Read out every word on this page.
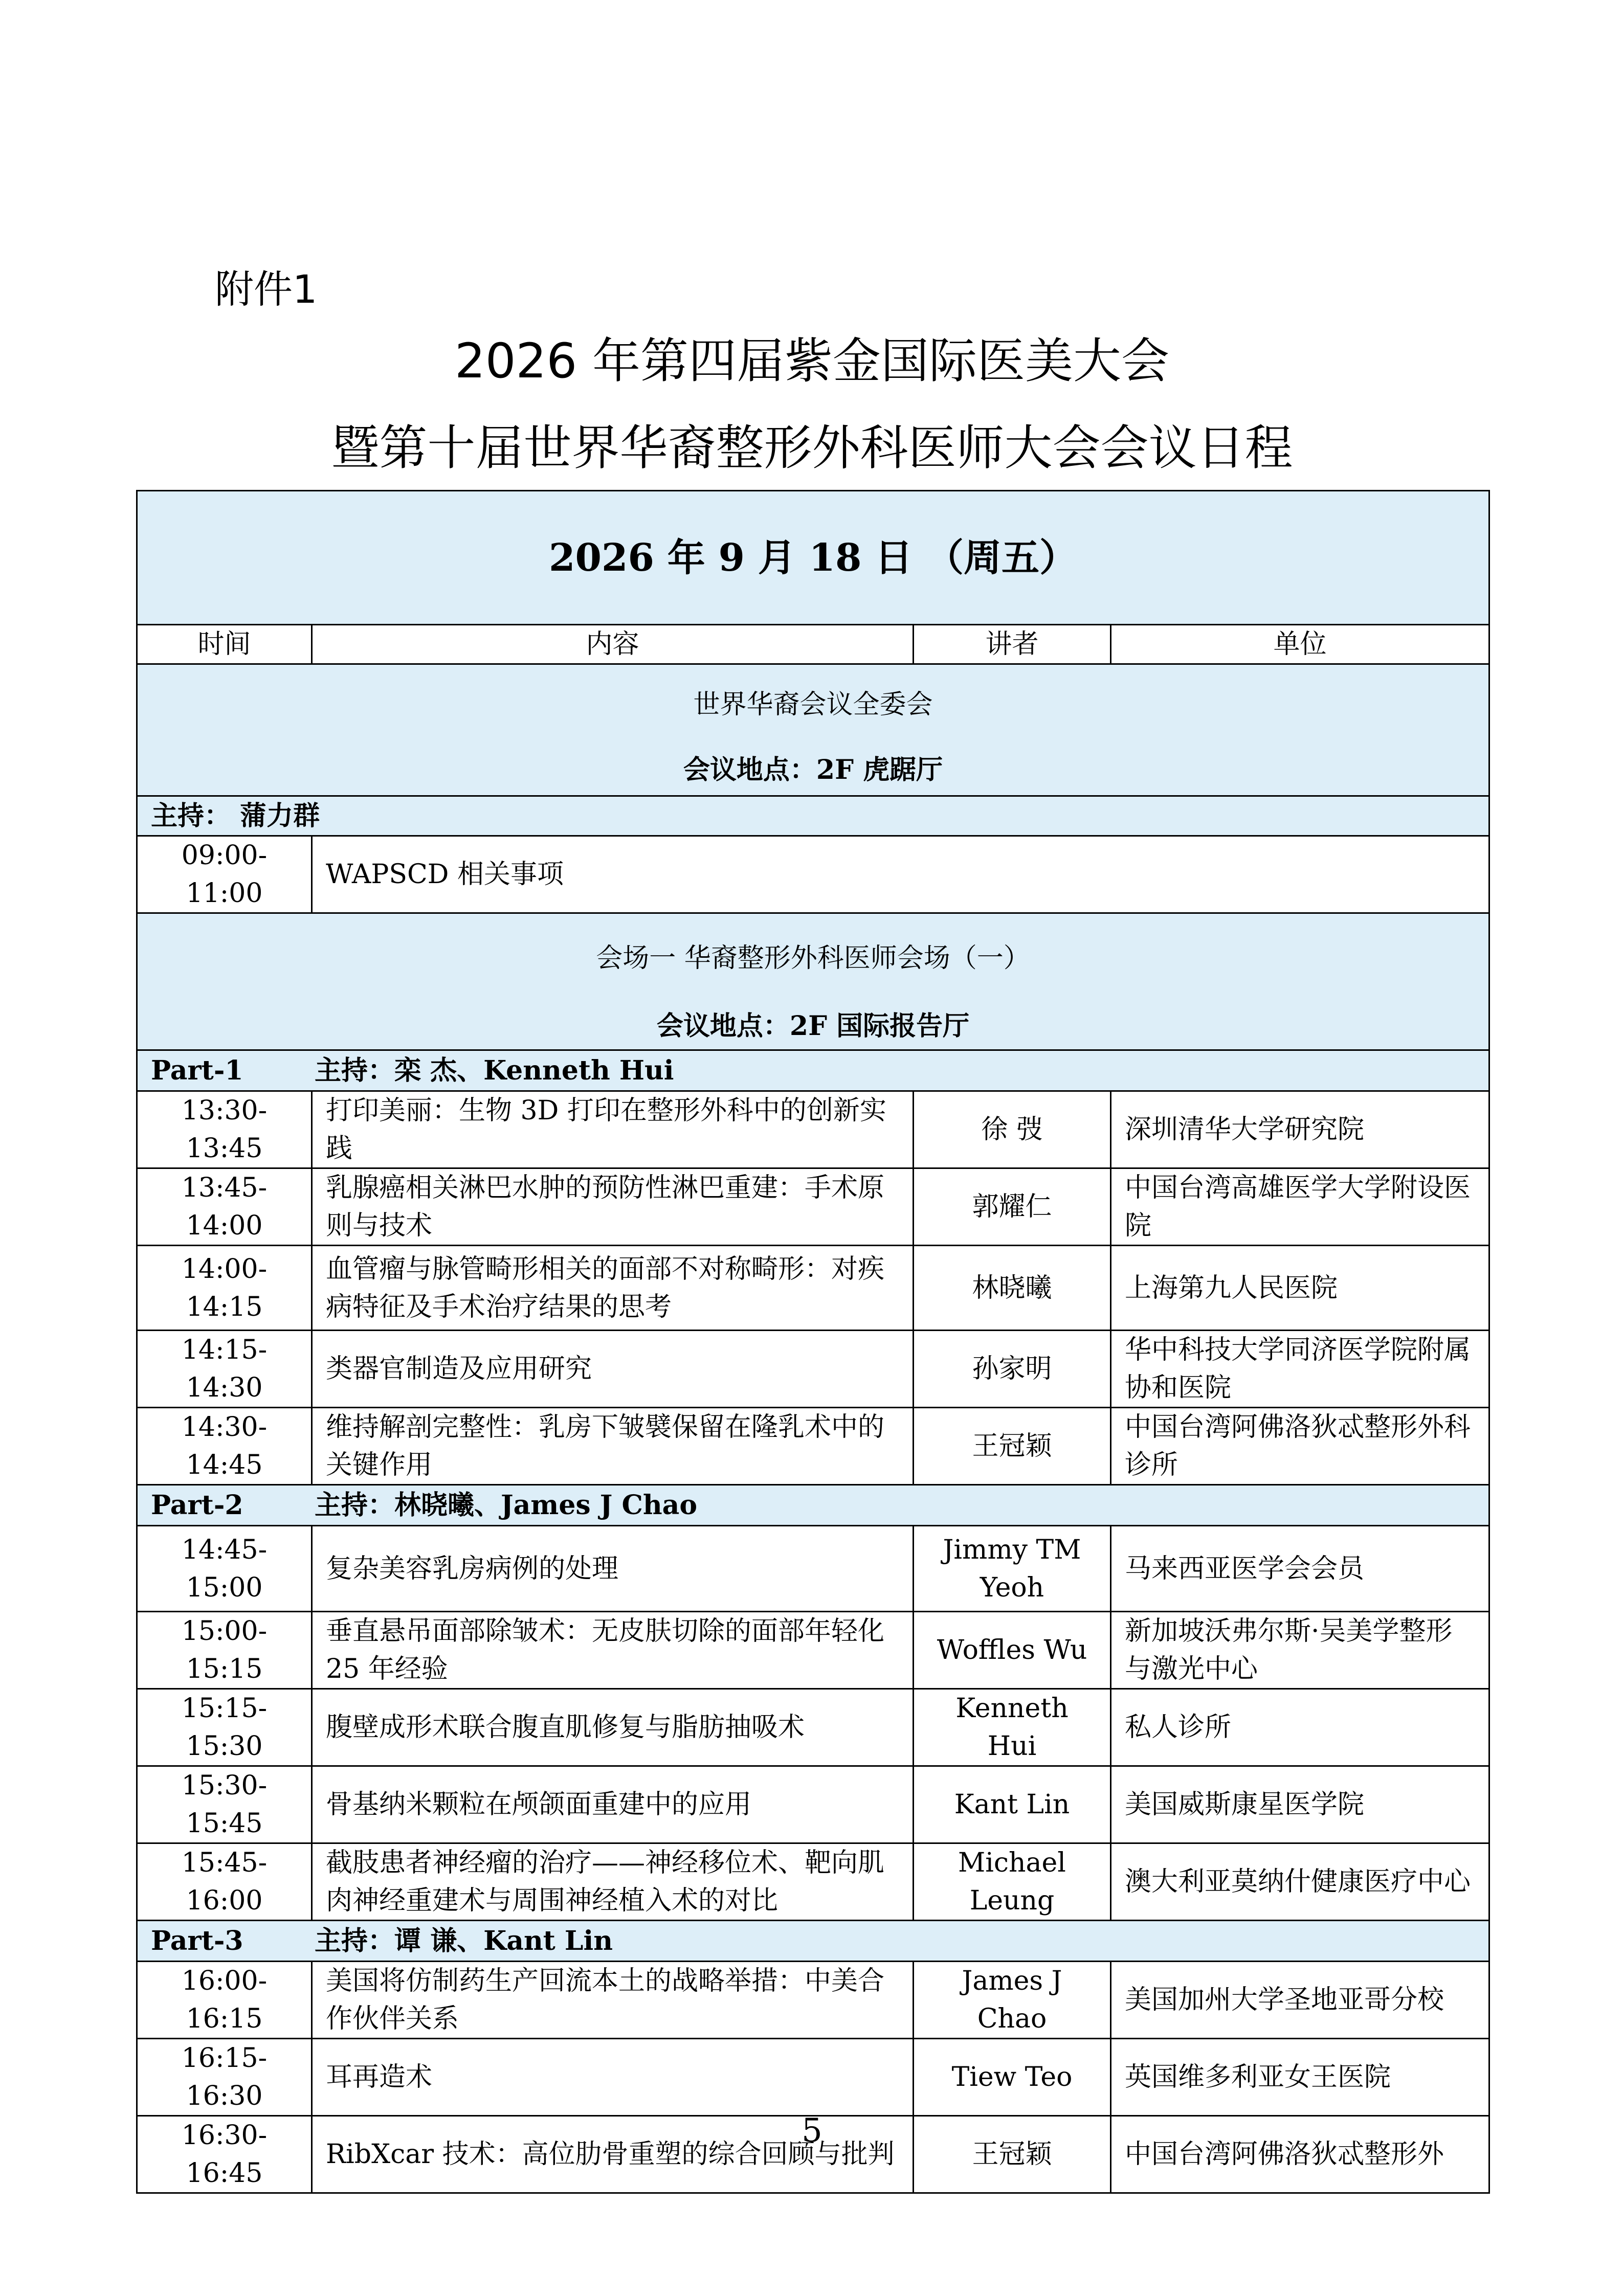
附件1
2026 年第四届紫金国际医美大会
暨第十届世界华裔整形外科医师大会会议日程
2026 年 9 月 18 日 （周五）			
时间	内容	讲者	单位
世界华裔会议全委会			
会议地点：2F 虎踞厅			
主持： 蒲力群			
09:00-11:00	WAPSCD 相关事项		
会场一 华裔整形外科医师会场（一）			
会议地点：2F 国际报告厅			
Part-1 主持：栾 杰、Kenneth Hui			
13:30-13:45	打印美丽：生物 3D 打印在整形外科中的创新实践	徐 弢	深圳清华大学研究院
13:45-14:00	乳腺癌相关淋巴水肿的预防性淋巴重建：手术原则与技术	郭耀仁	中国台湾高雄医学大学附设医院
14:00-14:15	血管瘤与脉管畸形相关的面部不对称畸形：对疾病特征及手术治疗结果的思考	林晓曦	上海第九人民医院
14:15-14:30	类器官制造及应用研究	孙家明	华中科技大学同济医学院附属协和医院
14:30-14:45	维持解剖完整性：乳房下皱襞保留在隆乳术中的关键作用	王冠颖	中国台湾阿佛洛狄忒整形外科诊所
Part-2 主持：林晓曦、James J Chao			
14:45-15:00	复杂美容乳房病例的处理	Jimmy TM Yeoh	马来西亚医学会会员
15:00-15:15	垂直悬吊面部除皱术：无皮肤切除的面部年轻化 25 年经验	Woffles Wu	新加坡沃弗尔斯·吴美学整形与激光中心
15:15-15:30	腹壁成形术联合腹直肌修复与脂肪抽吸术	Kenneth Hui	私人诊所
15:30-15:45	骨基纳米颗粒在颅颌面重建中的应用	Kant Lin	美国威斯康星医学院
15:45-16:00	截肢患者神经瘤的治疗——神经移位术、靶向肌肉神经重建术与周围神经植入术的对比	Michael Leung	澳大利亚莫纳什健康医疗中心
Part-3 主持：谭 谦、Kant Lin			
16:00-16:15	美国将仿制药生产回流本土的战略举措：中美合作伙伴关系	James J Chao	美国加州大学圣地亚哥分校
16:15-16:30	耳再造术	Tiew Teo	英国维多利亚女王医院
16:30-16:45	RibXcar 技术：高位肋骨重塑的综合回顾与批判	王冠颖	中国台湾阿佛洛狄忒整形外
5
